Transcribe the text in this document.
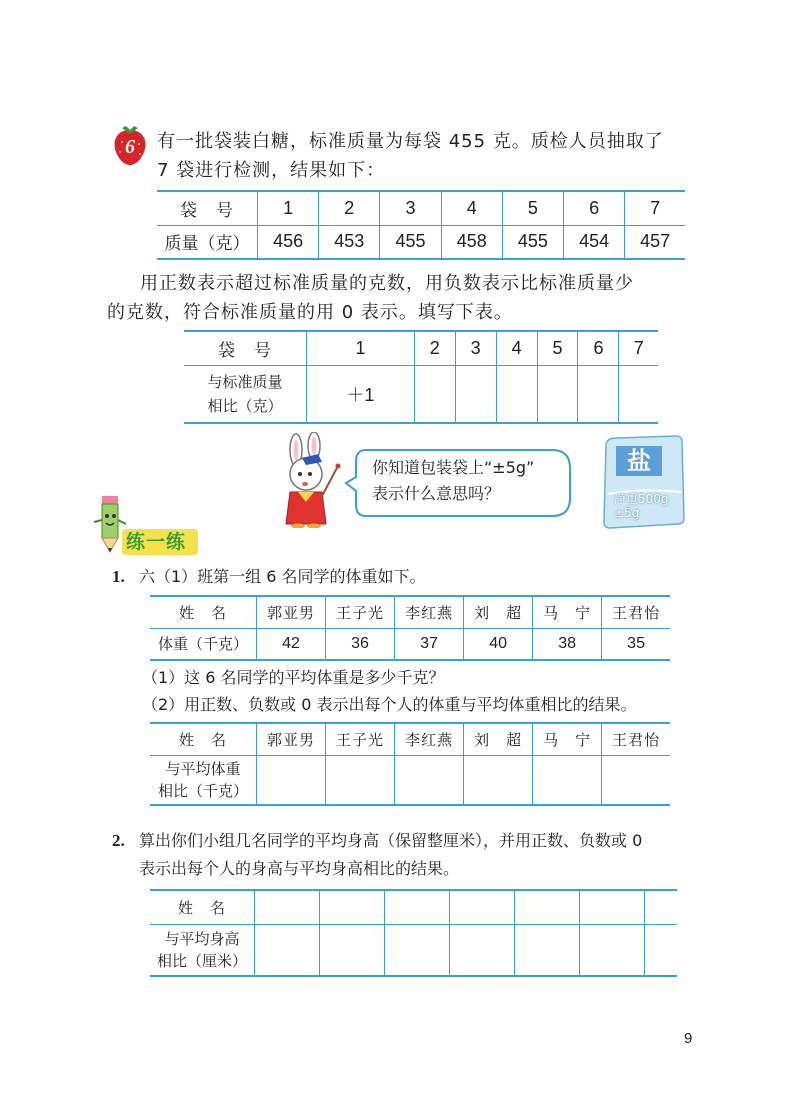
6	有一批袋装白糖，标准质量为每袋 455 克。质检人员抽取了
7 袋进行检测，结果如下：
袋　号	1	2	3	4	5	6	7
质量（克）	456	453	455	458	455	454	457
用正数表示超过标准质量的克数，用负数表示比标准质量少
的克数，符合标准质量的用 0 表示。填写下表。
袋　号	1	2	3	4	5	6	7

与标准质量
相比（克）	＋1						
你知道包装袋上“±5g”
表示什么意思吗？
盐
净重500g
±5g
练一练
1. 六（1）班第一组 6 名同学的体重如下。
姓　名	郭亚男	王子光	李红燕	刘　超	马　宁	王君怡
体重（千克）	42	36	37	40	38	35
（1）这 6 名同学的平均体重是多少千克？
（2）用正数、负数或 0 表示出每个人的体重与平均体重相比的结果。
姓　名	郭亚男	王子光	李红燕	刘　超	马　宁	王君怡

与平均体重
相比（千克）						

2. 算出你们小组几名同学的平均身高（保留整厘米），并用正数、负数或 0
表示出每个人的身高与平均身高相比的结果。
姓　名							

与平均身高
相比（厘米）							

9
